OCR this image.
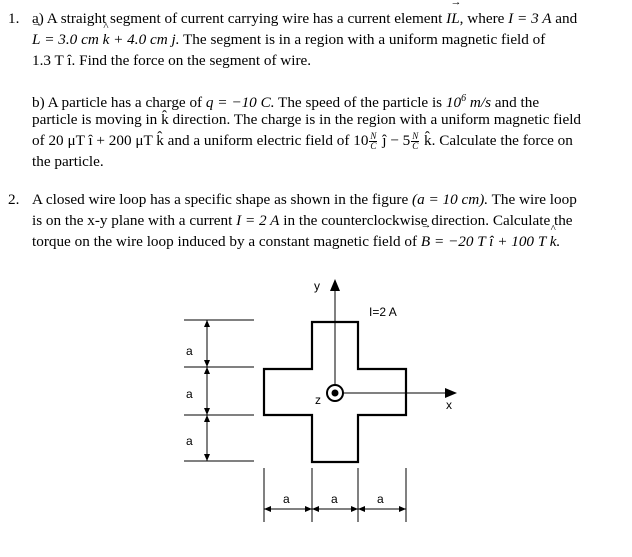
1. a) A straight segment of current carrying wire has a current element I→ L, where I = 3 A and
→ L = 3.0 cm ^ k + 4.0 cm j. The segment is in a region with a uniform magnetic field of
1.3 T î. Find the force on the segment of wire.
b) A particle has a charge of q = −10 C. The speed of the particle is $10^6$ m/s and the
particle is moving in k̂ direction. The charge is in the region with a uniform magnetic field
of 20 μT î + 200 μT k̂ and a uniform electric field of $10 \frac{N}{C}$ ĵ − $5 \frac{N}{C}$ k̂. Calculate the force on
the particle.
2. A closed wire loop has a specific shape as shown in the figure (a = 10 cm). The wire loop
is on the x-y plane with a current I = 2 A in the counterclockwise direction. Calculate the
torque on the wire loop induced by a constant magnetic field of → B = −20 T î + 100 T ^ k.
y
x
z
I=2 A
a
a
a
a	a	a
